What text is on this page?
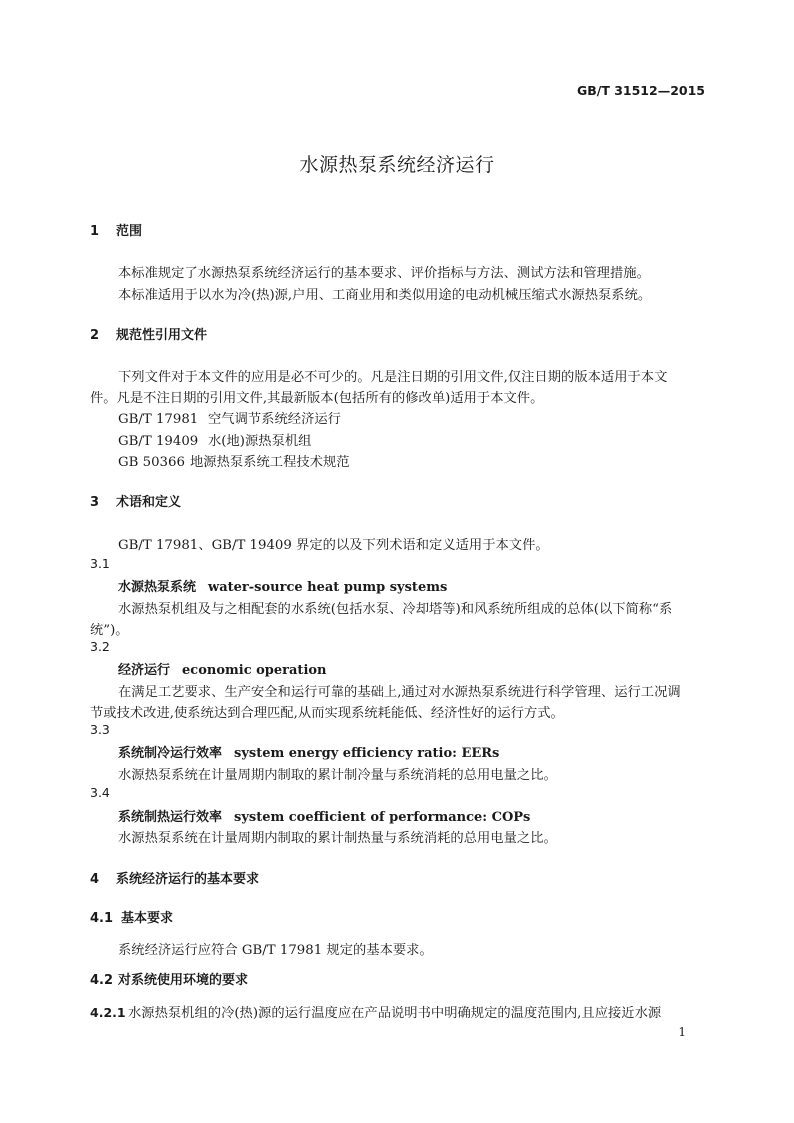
GB/T 31512—2015
水源热泵系统经济运行
1 范围
本标准规定了水源热泵系统经济运行的基本要求、评价指标与方法、测试方法和管理措施。
本标准适用于以水为冷(热)源,户用、工商业用和类似用途的电动机械压缩式水源热泵系统。
2 规范性引用文件
下列文件对于本文件的应用是必不可少的。凡是注日期的引用文件,仅注日期的版本适用于本文
件。凡是不注日期的引用文件,其最新版本(包括所有的修改单)适用于本文件。
GB/T 17981 空气调节系统经济运行
GB/T 19409 水(地)源热泵机组
GB 50366 地源热泵系统工程技术规范
3 术语和定义
GB/T 17981、GB/T 19409 界定的以及下列术语和定义适用于本文件。
3.1
水源热泵系统 water-source heat pump systems
水源热泵机组及与之相配套的水系统(包括水泵、冷却塔等)和风系统所组成的总体(以下简称“系
统”)。
3.2
经济运行 economic operation
在满足工艺要求、生产安全和运行可靠的基础上,通过对水源热泵系统进行科学管理、运行工况调
节或技术改进,使系统达到合理匹配,从而实现系统耗能低、经济性好的运行方式。
3.3
系统制冷运行效率 system energy efficiency ratio: EERs
水源热泵系统在计量周期内制取的累计制冷量与系统消耗的总用电量之比。
3.4
系统制热运行效率 system coefficient of performance: COPs
水源热泵系统在计量周期内制取的累计制热量与系统消耗的总用电量之比。
4 系统经济运行的基本要求
4.1 基本要求
系统经济运行应符合 GB/T 17981 规定的基本要求。
4.2 对系统使用环境的要求
4.2.1 水源热泵机组的冷(热)源的运行温度应在产品说明书中明确规定的温度范围内,且应接近水源
1
